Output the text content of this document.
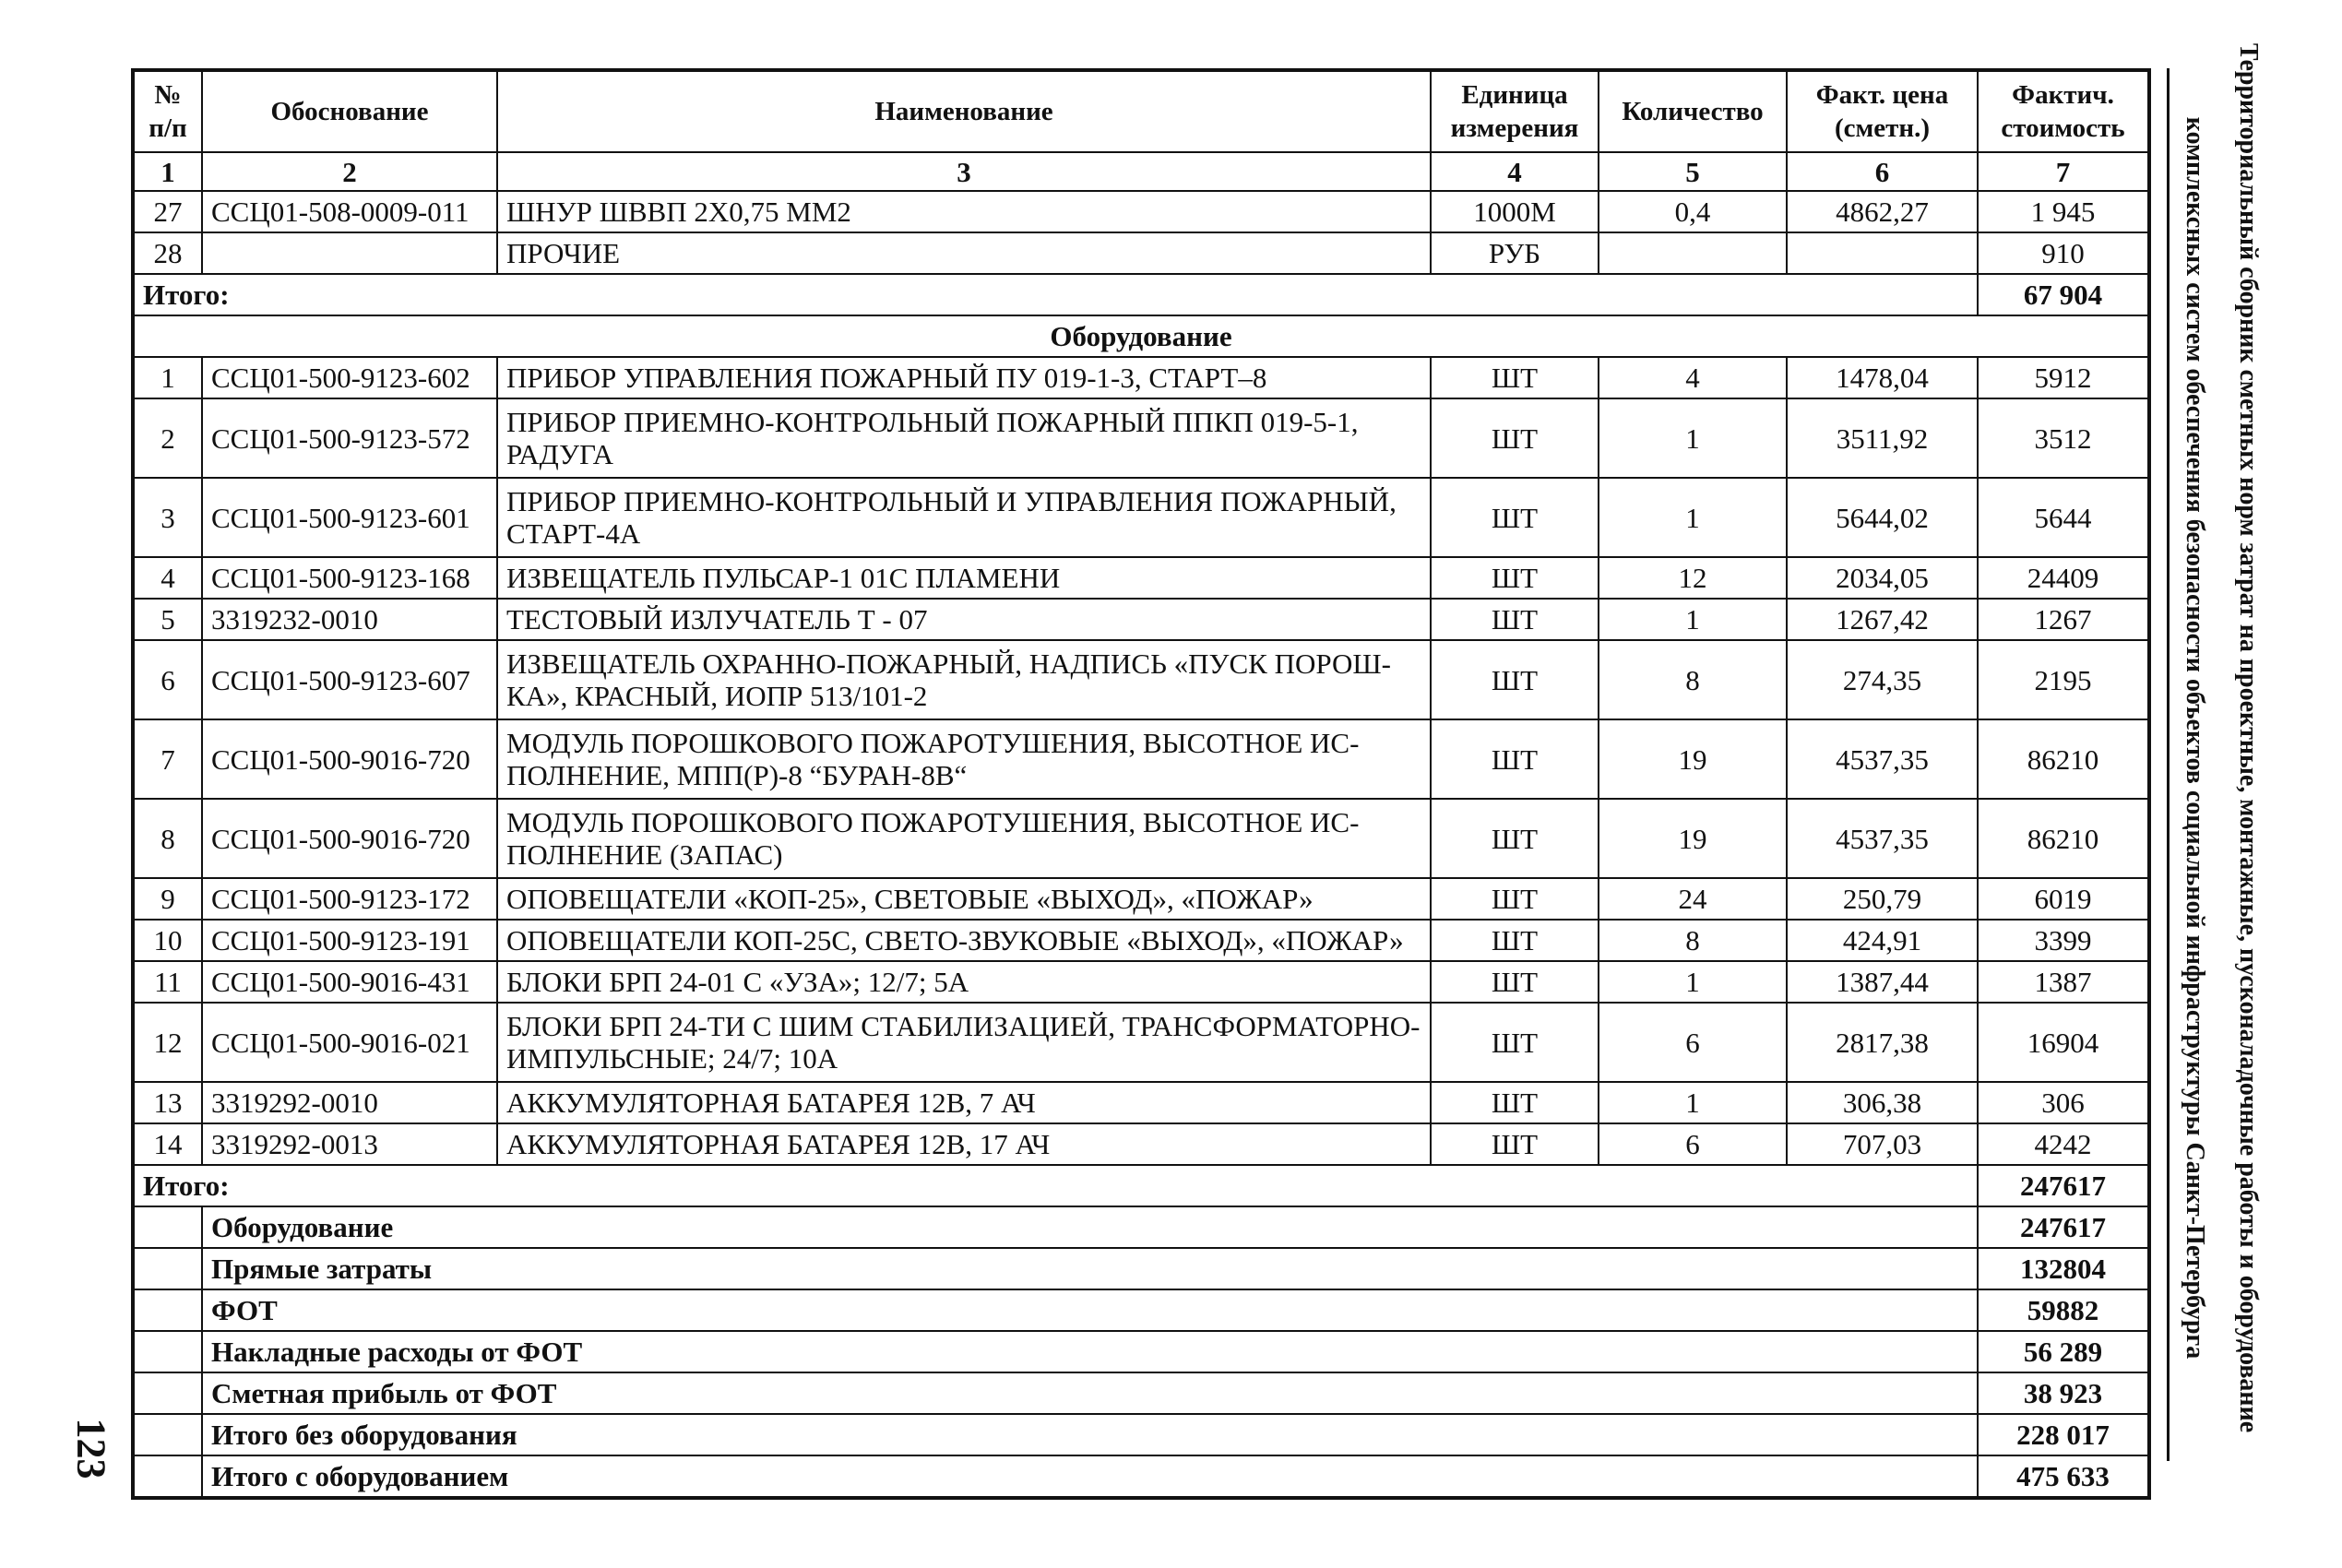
№ п/п	Обоснование	Наименование	Единица измерения	Количество	Факт. цена (сметн.)	Фактич. стоимость
1	2	3	4	5	6	7
27	ССЦ01-508-0009-011	ШНУР ШВВП 2Х0,75 ММ2	1000М	0,4	4862,27	1 945
28		ПРОЧИЕ	РУБ			910
Итого:						67 904
Оборудование						
1	ССЦ01-500-9123-602	ПРИБОР УПРАВЛЕНИЯ ПОЖАРНЫЙ ПУ 019-1-3, СТАРТ–8	ШТ	4	1478,04	5912
2	ССЦ01-500-9123-572	ПРИБОР ПРИЕМНО-КОНТРОЛЬНЫЙ ПОЖАРНЫЙ ППКП 019-5-1, РАДУГА	ШТ	1	3511,92	3512
3	ССЦ01-500-9123-601	ПРИБОР ПРИЕМНО-КОНТРОЛЬНЫЙ И УПРАВЛЕНИЯ ПОЖАРНЫЙ, СТАРТ-4А	ШТ	1	5644,02	5644
4	ССЦ01-500-9123-168	ИЗВЕЩАТЕЛЬ ПУЛЬСАР-1 01С ПЛАМЕНИ	ШТ	12	2034,05	24409
5	3319232-0010	ТЕСТОВЫЙ ИЗЛУЧАТЕЛЬ Т - 07	ШТ	1	1267,42	1267
6	ССЦ01-500-9123-607	ИЗВЕЩАТЕЛЬ ОХРАННО-ПОЖАРНЫЙ, НАДПИСЬ «ПУСК ПОРОШ-КА», КРАСНЫЙ, ИОПР 513/101-2	ШТ	8	274,35	2195
7	ССЦ01-500-9016-720	МОДУЛЬ ПОРОШКОВОГО ПОЖАРОТУШЕНИЯ, ВЫСОТНОЕ ИС-ПОЛНЕНИЕ, МПП(Р)-8 “БУРАН-8В“	ШТ	19	4537,35	86210
8	ССЦ01-500-9016-720	МОДУЛЬ ПОРОШКОВОГО ПОЖАРОТУШЕНИЯ, ВЫСОТНОЕ ИС-ПОЛНЕНИЕ (ЗАПАС)	ШТ	19	4537,35	86210
9	ССЦ01-500-9123-172	ОПОВЕЩАТЕЛИ «КОП-25», СВЕТОВЫЕ «ВЫХОД», «ПОЖАР»	ШТ	24	250,79	6019
10	ССЦ01-500-9123-191	ОПОВЕЩАТЕЛИ КОП-25С, СВЕТО-ЗВУКОВЫЕ «ВЫХОД», «ПОЖАР»	ШТ	8	424,91	3399
11	ССЦ01-500-9016-431	БЛОКИ БРП 24-01 С «УЗА»; 12/7; 5А	ШТ	1	1387,44	1387
12	ССЦ01-500-9016-021	БЛОКИ БРП 24-ТИ С ШИМ СТАБИЛИЗАЦИЕЙ, ТРАНСФОРМАТОРНО-ИМПУЛЬСНЫЕ; 24/7; 10А	ШТ	6	2817,38	16904
13	3319292-0010	АККУМУЛЯТОРНАЯ БАТАРЕЯ 12В, 7 АЧ	ШТ	1	306,38	306
14	3319292-0013	АККУМУЛЯТОРНАЯ БАТАРЕЯ 12В, 17 АЧ	ШТ	6	707,03	4242
Итого:						247617
	Оборудование					247617
	Прямые затраты					132804
	ФОТ					59882
	Накладные расходы от ФОТ					56 289
	Сметная прибыль от ФОТ					38 923
	Итого без оборудования					228 017
	Итого с оборудованием					475 633
Территориальный сборник сметных норм затрат на проектные, монтажные, пусконаладочные работы и оборудование
комплексных систем обеспечения безопасности объектов социальной инфраструктуры Санкт-Петербурга
123
